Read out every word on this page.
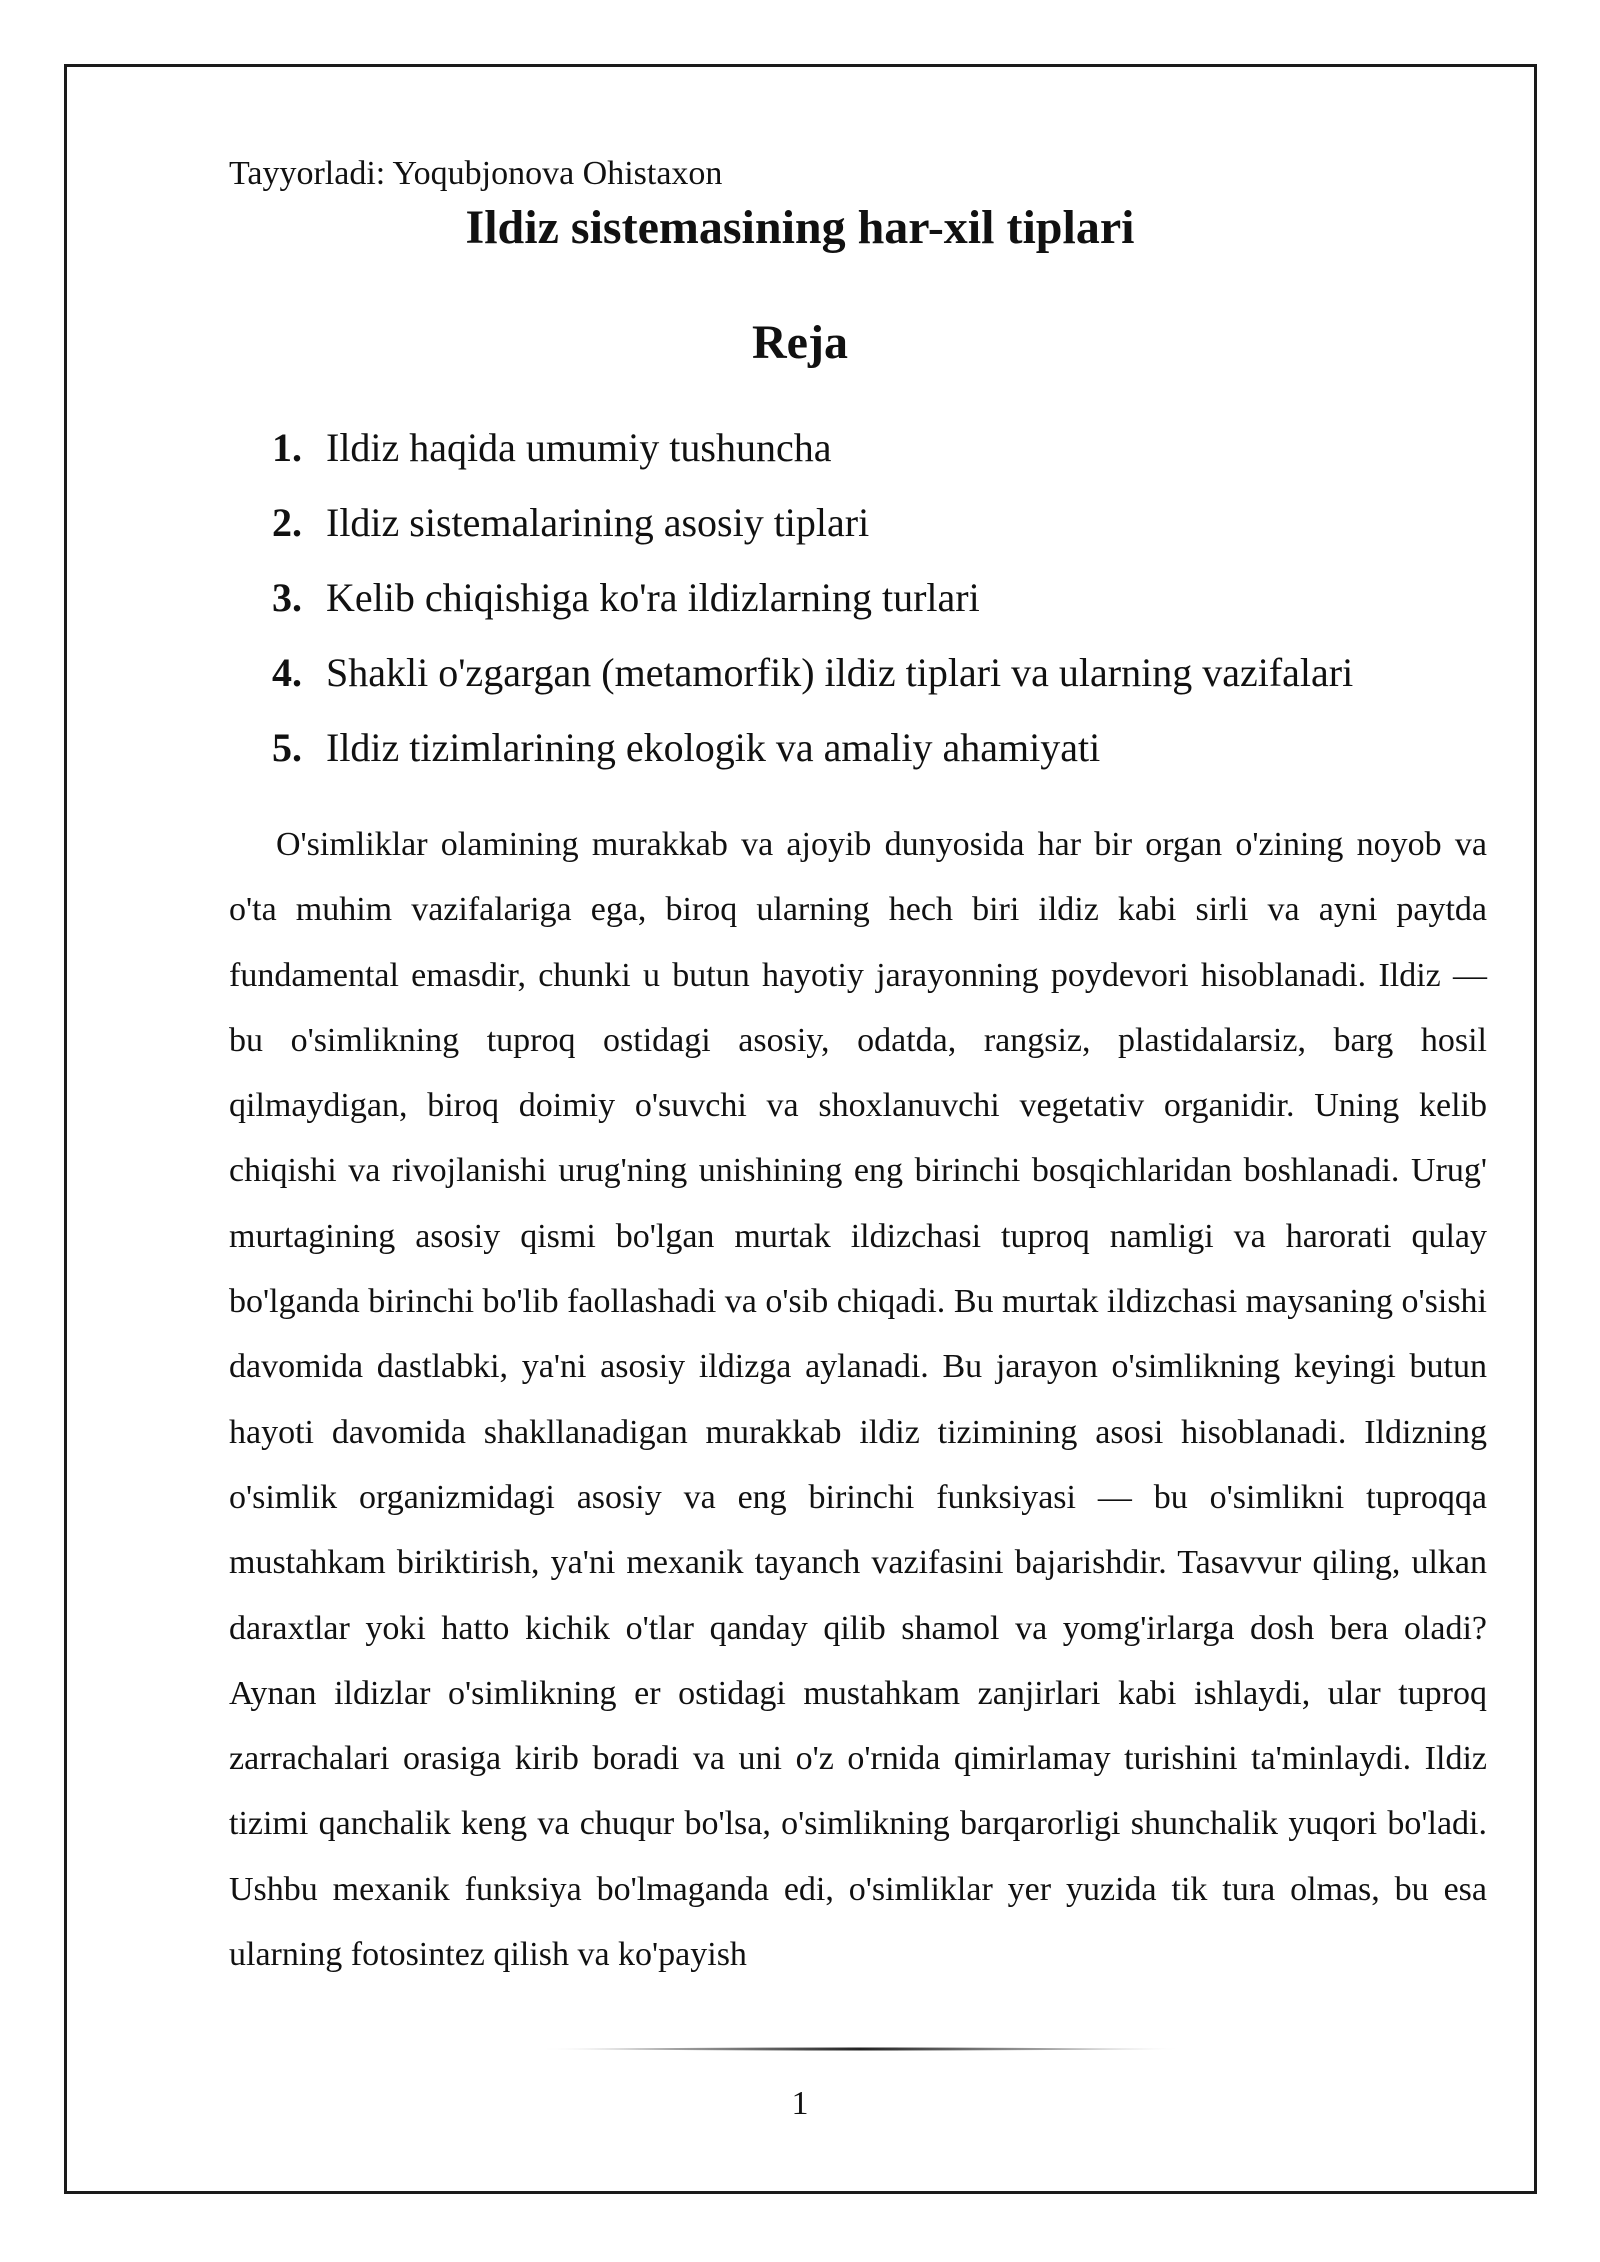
Tayyorladi: Yoqubjonova Ohistaxon
Ildiz sistemasining har-xil tiplari
Reja
1. Ildiz haqida umumiy tushuncha
2. Ildiz sistemalarining asosiy tiplari
3. Kelib chiqishiga ko'ra ildizlarning turlari
4. Shakli o'zgargan (metamorfik) ildiz tiplari va ularning vazifalari
5. Ildiz tizimlarining ekologik va amaliy ahamiyati

O'simliklar olamining murakkab va ajoyib dunyosida har bir organ o'zining noyob va o'ta muhim vazifalariga ega, biroq ularning hech biri ildiz kabi sirli va ayni paytda fundamental emasdir, chunki u butun hayotiy jarayonning poydevori hisoblanadi. Ildiz — bu o'simlikning tuproq ostidagi asosiy, odatda, rangsiz, plastidalarsiz, barg hosil qilmaydigan, biroq doimiy o'suvchi va shoxlanuvchi vegetativ organidir. Uning kelib chiqishi va rivojlanishi urug'ning unishining eng birinchi bosqichlaridan boshlanadi. Urug' murtagining asosiy qismi bo'lgan murtak ildizchasi tuproq namligi va harorati qulay bo'lganda birinchi bo'lib faollashadi va o'sib chiqadi. Bu murtak ildizchasi maysaning o'sishi davomida dastlabki, ya'ni asosiy ildizga aylanadi. Bu jarayon o'simlikning keyingi butun hayoti davomida shakllanadigan murakkab ildiz tizimining asosi hisoblanadi. Ildizning o'simlik organizmidagi asosiy va eng birinchi funksiyasi — bu o'simlikni tuproqqa mustahkam biriktirish, ya'ni mexanik tayanch vazifasini bajarishdir. Tasavvur qiling, ulkan daraxtlar yoki hatto kichik o'tlar qanday qilib shamol va yomg'irlarga dosh bera oladi? Aynan ildizlar o'simlikning er ostidagi mustahkam zanjirlari kabi ishlaydi, ular tuproq zarrachalari orasiga kirib boradi va uni o'z o'rnida qimirlamay turishini ta'minlaydi. Ildiz tizimi qanchalik keng va chuqur bo'lsa, o'simlikning barqarorligi shunchalik yuqori bo'ladi. Ushbu mexanik funksiya bo'lmaganda edi, o'simliklar yer yuzida tik tura olmas, bu esa ularning fotosintez qilish va ko'payish

1
